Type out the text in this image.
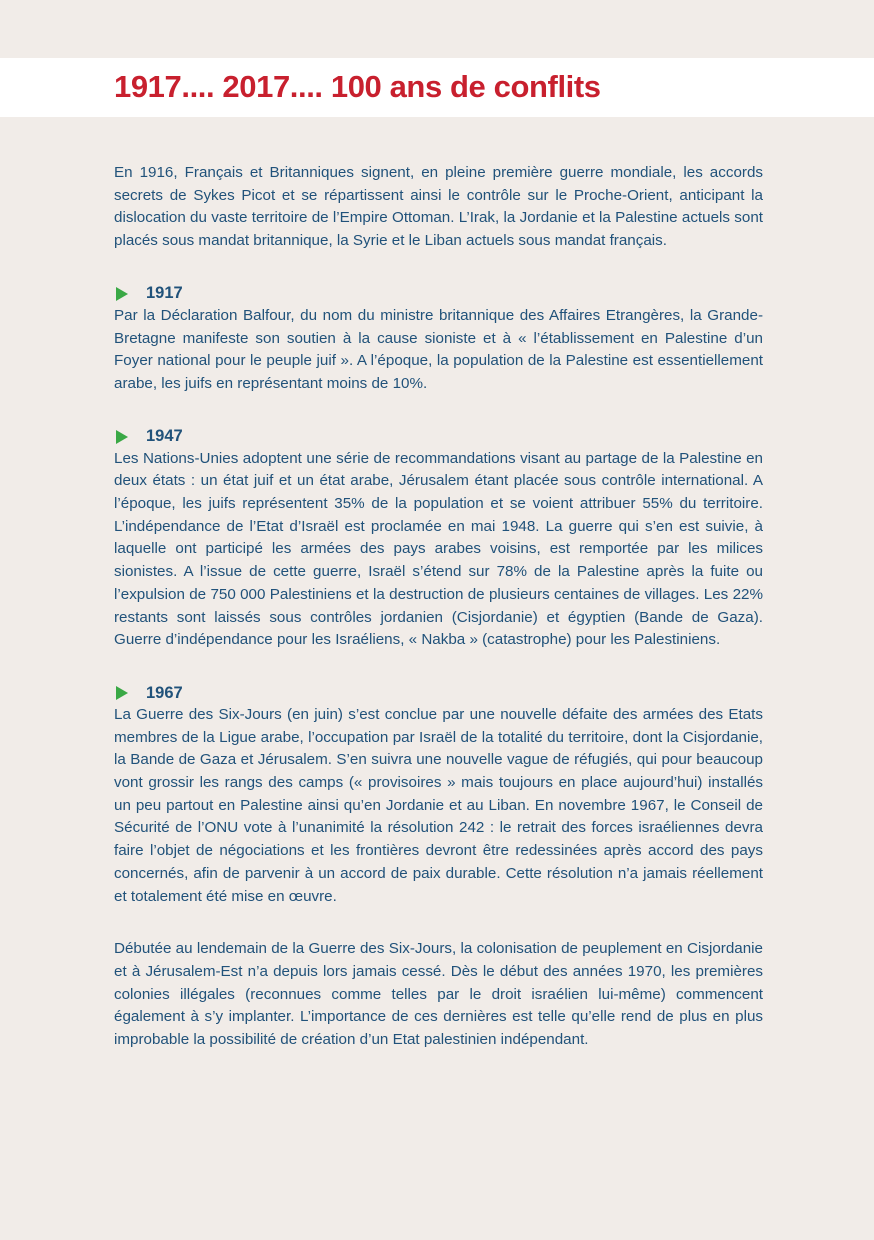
1917.... 2017.... 100 ans de conflits

En 1916, Français et Britanniques signent, en pleine première guerre mondiale, les accords secrets de Sykes Picot et se répartissent ainsi le contrôle sur le Proche-Orient, anticipant la dislocation du vaste territoire de l’Empire Ottoman. L’Irak, la Jordanie et la Palestine actuels sont placés sous mandat britannique, la Syrie et le Liban actuels sous mandat français.

1917

Par la Déclaration Balfour, du nom du ministre britannique des Affaires Etrangères, la Grande-Bretagne manifeste son soutien à la cause sioniste et à « l’établissement en Palestine d’un Foyer national pour le peuple juif ». A l’époque, la population de la Palestine est essentiellement arabe, les juifs en représentant moins de 10%.

1947

Les Nations-Unies adoptent une série de recommandations visant au partage de la Palestine en deux états : un état juif et un état arabe, Jérusalem étant placée sous contrôle international. A l’époque, les juifs représentent 35% de la population et se voient attribuer 55% du territoire. L’indépendance de l’Etat d’Israël est proclamée en mai 1948. La guerre qui s’en est suivie, à laquelle ont participé les armées des pays arabes voisins, est remportée par les milices sionistes. A l’issue de cette guerre, Israël s’étend sur 78% de la Palestine après la fuite ou l’expulsion de 750 000 Palestiniens et la destruction de plusieurs centaines de villages. Les 22% restants sont laissés sous contrôles jordanien (Cisjordanie) et égyptien (Bande de Gaza). Guerre d’indépendance pour les Israéliens, « Nakba » (catastrophe) pour les Palestiniens.

1967

La Guerre des Six-Jours (en juin) s’est conclue par une nouvelle défaite des armées des Etats membres de la Ligue arabe, l’occupation par Israël de la totalité du territoire, dont la Cisjordanie, la Bande de Gaza et Jérusalem. S’en suivra une nouvelle vague de réfugiés, qui pour beaucoup vont grossir les rangs des camps (« provisoires » mais toujours en place aujourd’hui) installés un peu partout en Palestine ainsi qu’en Jordanie et au Liban. En novembre 1967, le Conseil de Sécurité de l’ONU vote à l’unanimité la résolution 242 : le retrait des forces israéliennes devra faire l’objet de négociations et les frontières devront être redessinées après accord des pays concernés, afin de parvenir à un accord de paix durable. Cette résolution n’a jamais réellement et totalement été mise en œuvre.

Débutée au lendemain de la Guerre des Six-Jours, la colonisation de peuplement en Cisjordanie et à Jérusalem-Est n’a depuis lors jamais cessé. Dès le début des années 1970, les premières colonies illégales (reconnues comme telles par le droit israélien lui-même) commencent également à s’y implanter. L’importance de ces dernières est telle qu’elle rend de plus en plus improbable la possibilité de création d’un Etat palestinien indépendant.
